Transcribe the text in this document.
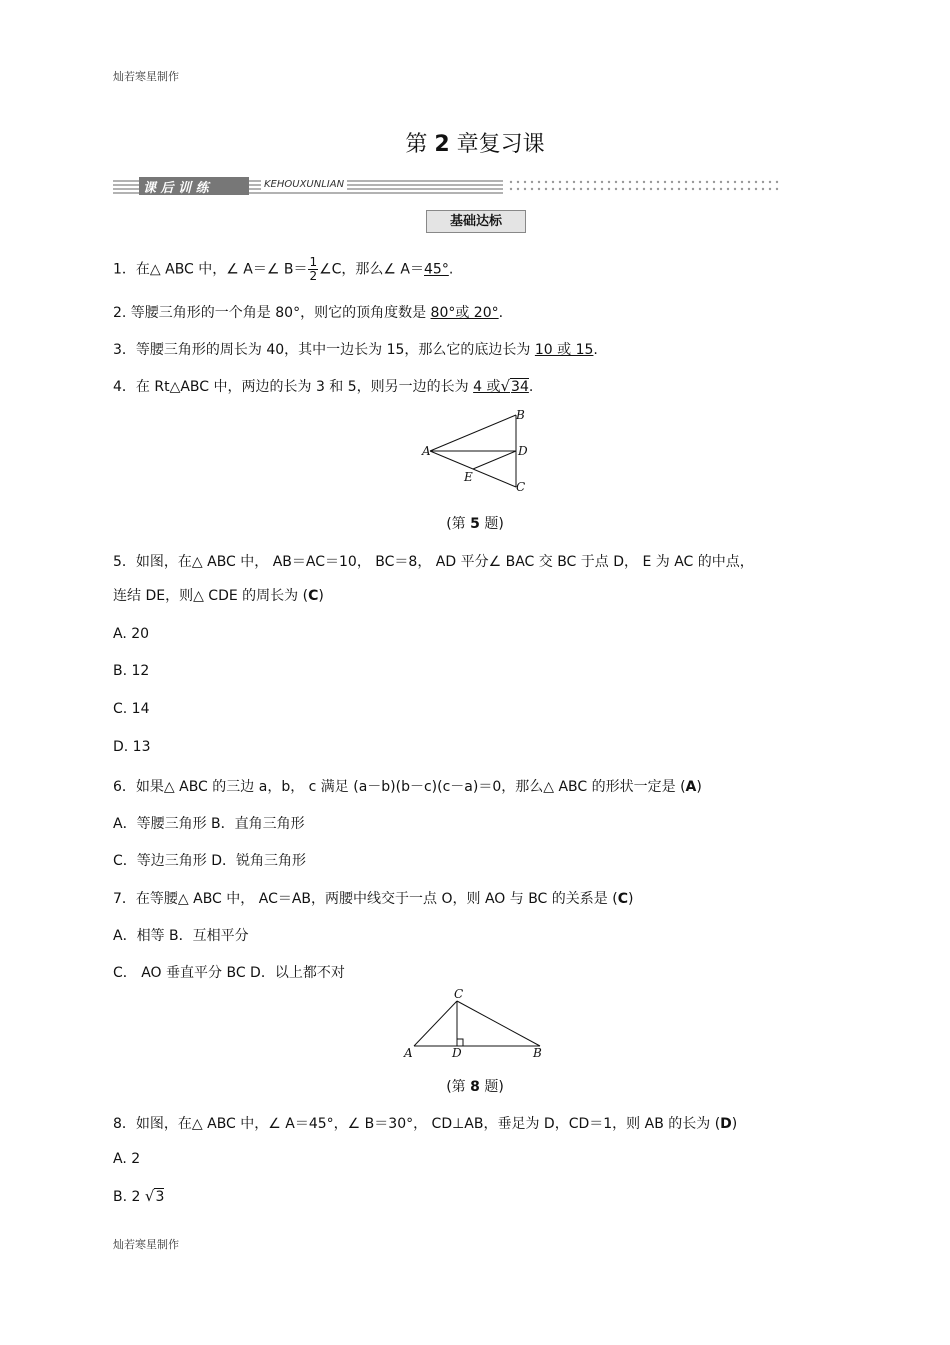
灿若寒星制作
灿若寒星制作
第 2 章复习课
课 后 训 练	KEHOUXUNLIAN
基础达标
1．在△ ABC 中，∠ A＝∠ $B= \frac{1}{2}$ ∠C，那么∠ A＝45°.
2. 等腰三角形的一个角是 80°，则它的顶角度数是 80°或 20°.
3．等腰三角形的周长为 40，其中一边长为 15，那么它的底边长为 10 或 15.
4．在 Rt△ABC 中，两边的长为 3 和 5，则另一边的长为 4 或√34.
A
B
C
D
E
(第 5 题)
5．如图，在△ ABC 中， AB＝AC＝10， BC＝8， AD 平分∠ BAC 交 BC 于点 D， E 为 AC 的中点，
连结 DE，则△ CDE 的周长为 (C)
A. 20
B. 12
C. 14
D. 13
6．如果△ ABC 的三边 a，b， c 满足 (a－b)(b－c)(c－a)＝0，那么△ ABC 的形状一定是 (A)
A．等腰三角形 B．直角三角形
C．等边三角形 D．锐角三角形
7．在等腰△ ABC 中， AC＝AB，两腰中线交于一点 O，则 AO 与 BC 的关系是 (C)
A．相等 B．互相平分
C． AO 垂直平分 BC D．以上都不对
A	B
C
D
(第 8 题)
8．如图，在△ ABC 中，∠ A＝45°，∠ B＝30°， CD⊥AB，垂足为 D，CD＝1，则 AB 的长为 (D)
A. 2
B. 2 √3
